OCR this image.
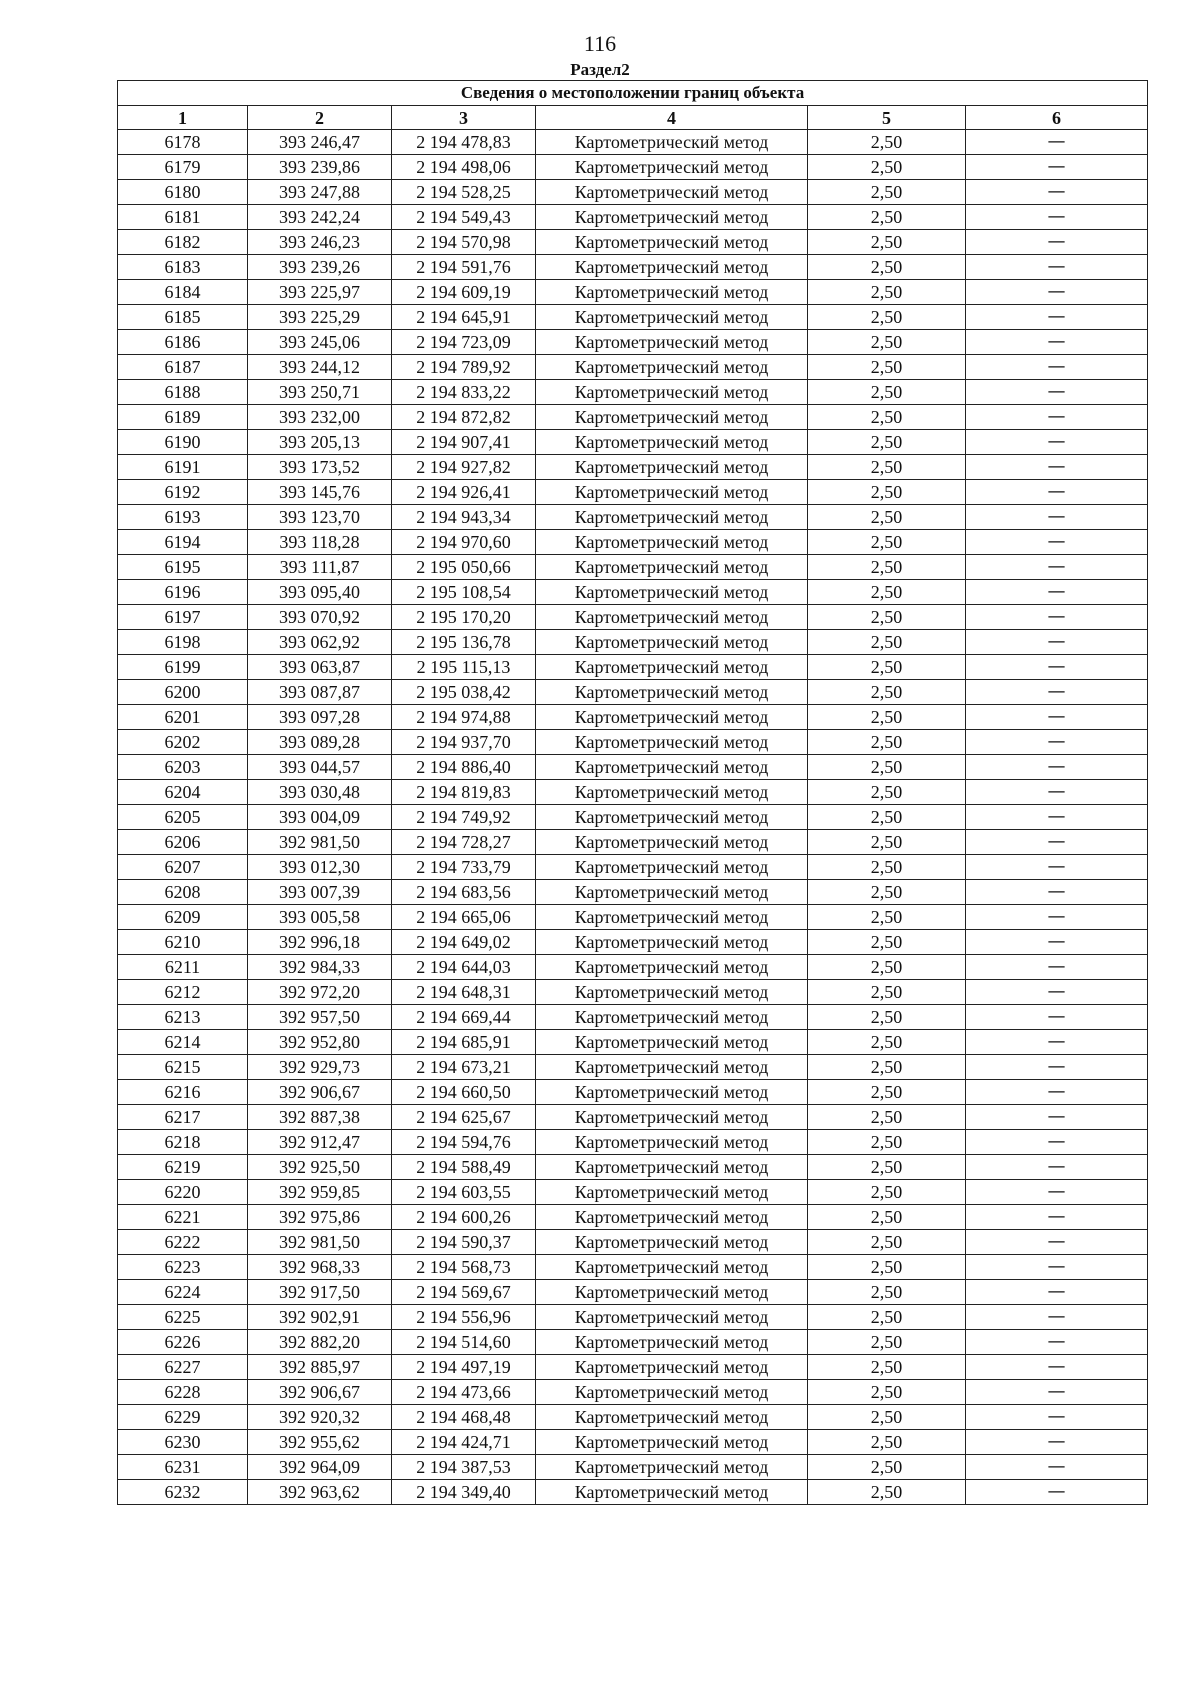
116
Раздел2
Сведения о местоположении границ объекта					
1	2	3	4	5	6
6178	393 246,47	2 194 478,83	Картометрический метод	2,50	—
6179	393 239,86	2 194 498,06	Картометрический метод	2,50	—
6180	393 247,88	2 194 528,25	Картометрический метод	2,50	—
6181	393 242,24	2 194 549,43	Картометрический метод	2,50	—
6182	393 246,23	2 194 570,98	Картометрический метод	2,50	—
6183	393 239,26	2 194 591,76	Картометрический метод	2,50	—
6184	393 225,97	2 194 609,19	Картометрический метод	2,50	—
6185	393 225,29	2 194 645,91	Картометрический метод	2,50	—
6186	393 245,06	2 194 723,09	Картометрический метод	2,50	—
6187	393 244,12	2 194 789,92	Картометрический метод	2,50	—
6188	393 250,71	2 194 833,22	Картометрический метод	2,50	—
6189	393 232,00	2 194 872,82	Картометрический метод	2,50	—
6190	393 205,13	2 194 907,41	Картометрический метод	2,50	—
6191	393 173,52	2 194 927,82	Картометрический метод	2,50	—
6192	393 145,76	2 194 926,41	Картометрический метод	2,50	—
6193	393 123,70	2 194 943,34	Картометрический метод	2,50	—
6194	393 118,28	2 194 970,60	Картометрический метод	2,50	—
6195	393 111,87	2 195 050,66	Картометрический метод	2,50	—
6196	393 095,40	2 195 108,54	Картометрический метод	2,50	—
6197	393 070,92	2 195 170,20	Картометрический метод	2,50	—
6198	393 062,92	2 195 136,78	Картометрический метод	2,50	—
6199	393 063,87	2 195 115,13	Картометрический метод	2,50	—
6200	393 087,87	2 195 038,42	Картометрический метод	2,50	—
6201	393 097,28	2 194 974,88	Картометрический метод	2,50	—
6202	393 089,28	2 194 937,70	Картометрический метод	2,50	—
6203	393 044,57	2 194 886,40	Картометрический метод	2,50	—
6204	393 030,48	2 194 819,83	Картометрический метод	2,50	—
6205	393 004,09	2 194 749,92	Картометрический метод	2,50	—
6206	392 981,50	2 194 728,27	Картометрический метод	2,50	—
6207	393 012,30	2 194 733,79	Картометрический метод	2,50	—
6208	393 007,39	2 194 683,56	Картометрический метод	2,50	—
6209	393 005,58	2 194 665,06	Картометрический метод	2,50	—
6210	392 996,18	2 194 649,02	Картометрический метод	2,50	—
6211	392 984,33	2 194 644,03	Картометрический метод	2,50	—
6212	392 972,20	2 194 648,31	Картометрический метод	2,50	—
6213	392 957,50	2 194 669,44	Картометрический метод	2,50	—
6214	392 952,80	2 194 685,91	Картометрический метод	2,50	—
6215	392 929,73	2 194 673,21	Картометрический метод	2,50	—
6216	392 906,67	2 194 660,50	Картометрический метод	2,50	—
6217	392 887,38	2 194 625,67	Картометрический метод	2,50	—
6218	392 912,47	2 194 594,76	Картометрический метод	2,50	—
6219	392 925,50	2 194 588,49	Картометрический метод	2,50	—
6220	392 959,85	2 194 603,55	Картометрический метод	2,50	—
6221	392 975,86	2 194 600,26	Картометрический метод	2,50	—
6222	392 981,50	2 194 590,37	Картометрический метод	2,50	—
6223	392 968,33	2 194 568,73	Картометрический метод	2,50	—
6224	392 917,50	2 194 569,67	Картометрический метод	2,50	—
6225	392 902,91	2 194 556,96	Картометрический метод	2,50	—
6226	392 882,20	2 194 514,60	Картометрический метод	2,50	—
6227	392 885,97	2 194 497,19	Картометрический метод	2,50	—
6228	392 906,67	2 194 473,66	Картометрический метод	2,50	—
6229	392 920,32	2 194 468,48	Картометрический метод	2,50	—
6230	392 955,62	2 194 424,71	Картометрический метод	2,50	—
6231	392 964,09	2 194 387,53	Картометрический метод	2,50	—
6232	392 963,62	2 194 349,40	Картометрический метод	2,50	—
